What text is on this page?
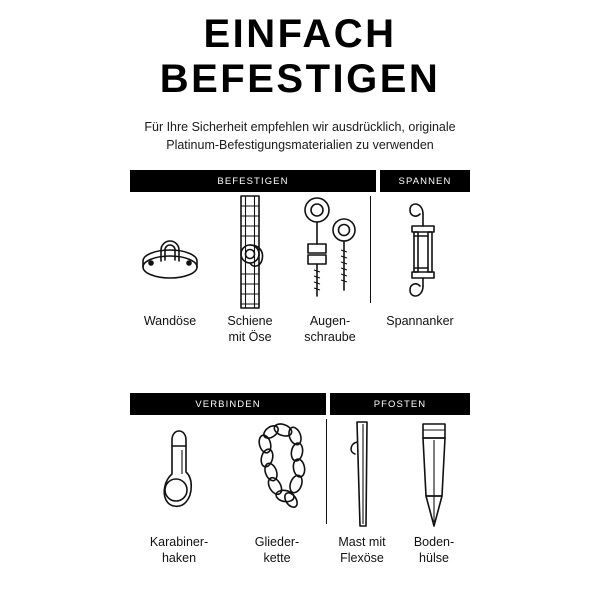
EINFACH
BEFESTIGEN
Für Ihre Sicherheit empfehlen wir ausdrücklich, originale
Platinum-Befestigungsmaterialien zu verwenden
BEFESTIGEN	SPANNEN
Wandöse Schiene
mit Öse
Augen-
schraube
Spannanker
VERBINDEN	PFOSTEN
Karabiner-
haken
Glieder-
kette
Mast mit
Flexöse
Boden-
hülse
